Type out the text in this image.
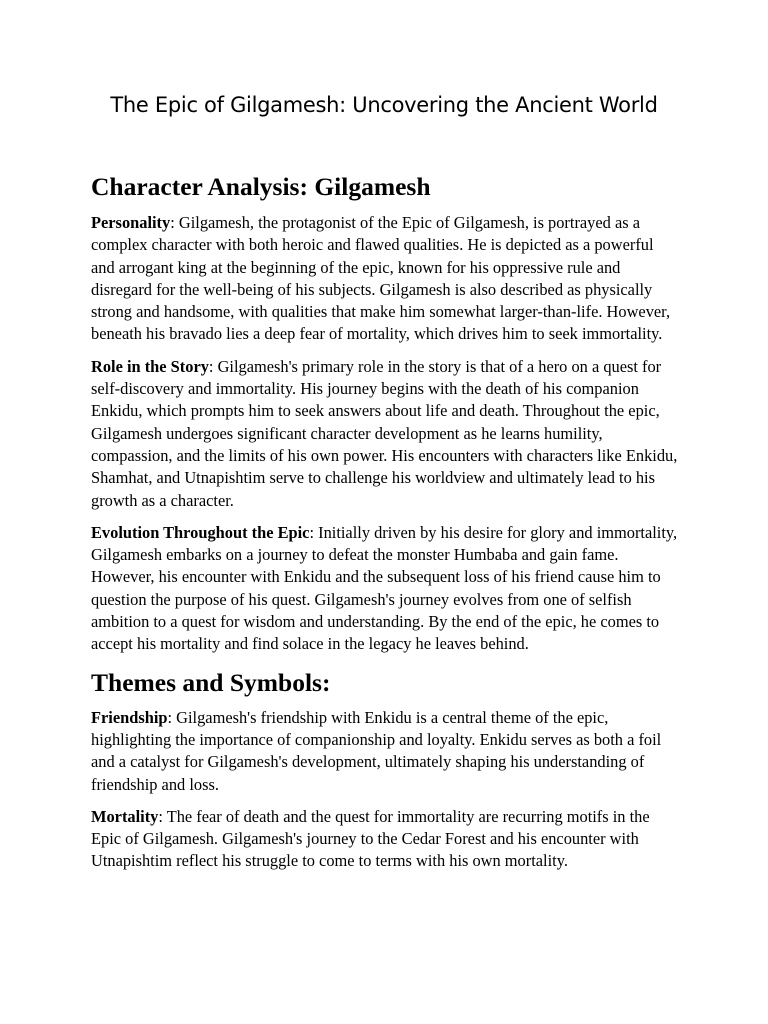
The Epic of Gilgamesh: Uncovering the Ancient World
Character Analysis: Gilgamesh

Personality: Gilgamesh, the protagonist of the Epic of Gilgamesh, is portrayed as a complex character with both heroic and flawed qualities. He is depicted as a powerful and arrogant king at the beginning of the epic, known for his oppressive rule and disregard for the well-being of his subjects. Gilgamesh is also described as physically strong and handsome, with qualities that make him somewhat larger-than-life. However, beneath his bravado lies a deep fear of mortality, which drives him to seek immortality.

Role in the Story: Gilgamesh's primary role in the story is that of a hero on a quest for self-discovery and immortality. His journey begins with the death of his companion Enkidu, which prompts him to seek answers about life and death. Throughout the epic, Gilgamesh undergoes significant character development as he learns humility, compassion, and the limits of his own power. His encounters with characters like Enkidu, Shamhat, and Utnapishtim serve to challenge his worldview and ultimately lead to his growth as a character.

Evolution Throughout the Epic: Initially driven by his desire for glory and immortality, Gilgamesh embarks on a journey to defeat the monster Humbaba and gain fame. However, his encounter with Enkidu and the subsequent loss of his friend cause him to question the purpose of his quest. Gilgamesh's journey evolves from one of selfish ambition to a quest for wisdom and understanding. By the end of the epic, he comes to accept his mortality and find solace in the legacy he leaves behind.

Themes and Symbols:

Friendship: Gilgamesh's friendship with Enkidu is a central theme of the epic, highlighting the importance of companionship and loyalty. Enkidu serves as both a foil and a catalyst for Gilgamesh's development, ultimately shaping his understanding of friendship and loss.

Mortality: The fear of death and the quest for immortality are recurring motifs in the Epic of Gilgamesh. Gilgamesh's journey to the Cedar Forest and his encounter with Utnapishtim reflect his struggle to come to terms with his own mortality.
